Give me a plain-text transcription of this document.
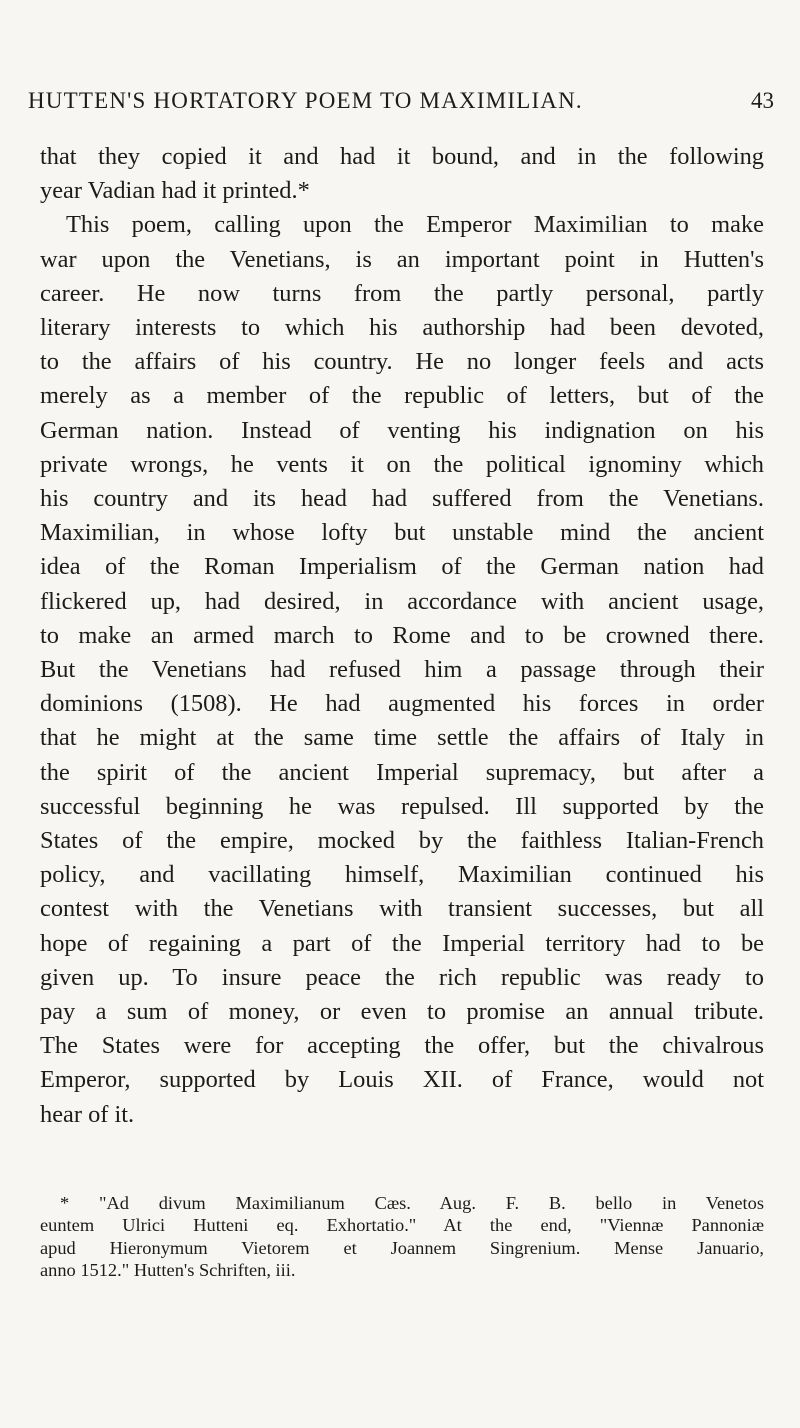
HUTTEN'S HORTATORY POEM TO MAXIMILIAN.	43
that they copied it and had it bound, and in the following
year Vadian had it printed.*
This poem, calling upon the Emperor Maximilian to make
war upon the Venetians, is an important point in Hutten's
career. He now turns from the partly personal, partly
literary interests to which his authorship had been devoted,
to the affairs of his country. He no longer feels and acts
merely as a member of the republic of letters, but of the
German nation. Instead of venting his indignation on his
private wrongs, he vents it on the political ignominy which
his country and its head had suffered from the Venetians.
Maximilian, in whose lofty but unstable mind the ancient
idea of the Roman Imperialism of the German nation had
flickered up, had desired, in accordance with ancient usage,
to make an armed march to Rome and to be crowned there.
But the Venetians had refused him a passage through their
dominions (1508). He had augmented his forces in order
that he might at the same time settle the affairs of Italy in
the spirit of the ancient Imperial supremacy, but after a
successful beginning he was repulsed. Ill supported by the
States of the empire, mocked by the faithless Italian-French
policy, and vacillating himself, Maximilian continued his
contest with the Venetians with transient successes, but all
hope of regaining a part of the Imperial territory had to be
given up. To insure peace the rich republic was ready to
pay a sum of money, or even to promise an annual tribute.
The States were for accepting the offer, but the chivalrous
Emperor, supported by Louis XII. of France, would not
hear of it.
* "Ad divum Maximilianum Cæs. Aug. F. B. bello in Venetos
euntem Ulrici Hutteni eq. Exhortatio." At the end, "Viennæ Pannoniæ
apud Hieronymum Vietorem et Joannem Singrenium. Mense Januario,
anno 1512." Hutten's Schriften, iii.
